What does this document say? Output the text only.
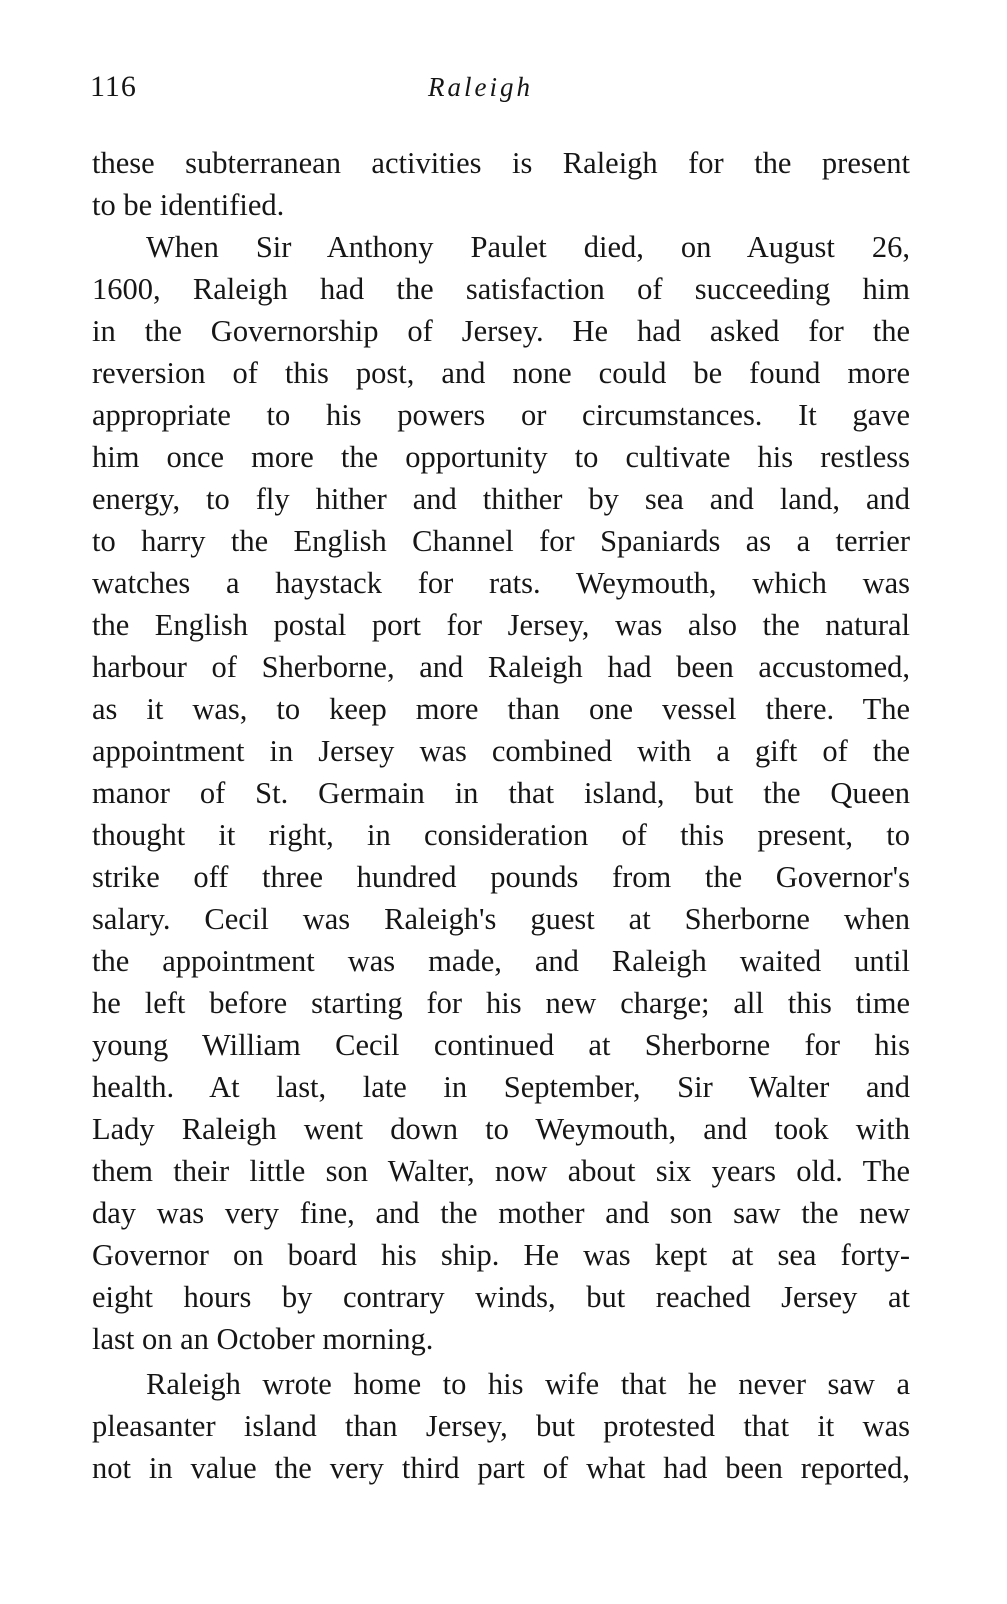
116	Raleigh
these subterranean activities is Raleigh for the present
to be identified.
When Sir Anthony Paulet died, on August 26,
1600, Raleigh had the satisfaction of succeeding him
in the Governorship of Jersey. He had asked for the
reversion of this post, and none could be found more
appropriate to his powers or circumstances. It gave
him once more the opportunity to cultivate his restless
energy, to fly hither and thither by sea and land, and
to harry the English Channel for Spaniards as a terrier
watches a haystack for rats. Weymouth, which was
the English postal port for Jersey, was also the natural
harbour of Sherborne, and Raleigh had been accustomed,
as it was, to keep more than one vessel there. The
appointment in Jersey was combined with a gift of the
manor of St. Germain in that island, but the Queen
thought it right, in consideration of this present, to
strike off three hundred pounds from the Governor's
salary. Cecil was Raleigh's guest at Sherborne when
the appointment was made, and Raleigh waited until
he left before starting for his new charge; all this time
young William Cecil continued at Sherborne for his
health. At last, late in September, Sir Walter and
Lady Raleigh went down to Weymouth, and took with
them their little son Walter, now about six years old. The
day was very fine, and the mother and son saw the new
Governor on board his ship. He was kept at sea forty-
eight hours by contrary winds, but reached Jersey at
last on an October morning.
Raleigh wrote home to his wife that he never saw a
pleasanter island than Jersey, but protested that it was
not in value the very third part of what had been reported,
